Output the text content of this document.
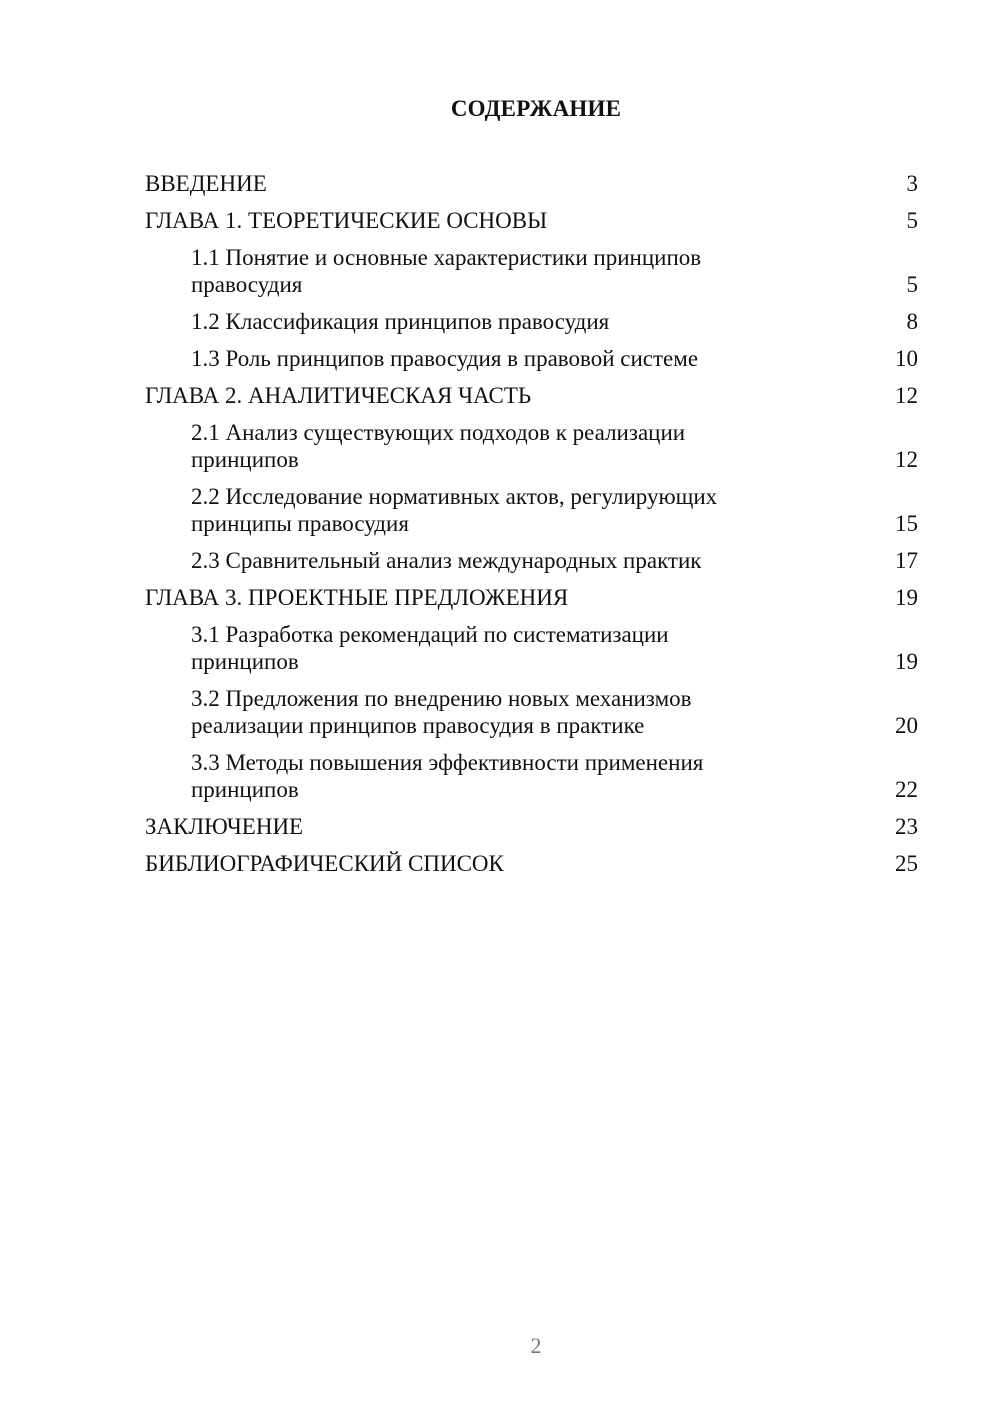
СОДЕРЖАНИЕ
ВВЕДЕНИЕ	3
ГЛАВА 1. ТЕОРЕТИЧЕСКИЕ ОСНОВЫ	5
1.1 Понятие и основные характеристики принципов правосудия	5
1.2 Классификация принципов правосудия	8
1.3 Роль принципов правосудия в правовой системе	10
ГЛАВА 2. АНАЛИТИЧЕСКАЯ ЧАСТЬ	12
2.1 Анализ существующих подходов к реализации принципов	12
2.2 Исследование нормативных актов, регулирующих принципы правосудия	15
2.3 Сравнительный анализ международных практик	17
ГЛАВА 3. ПРОЕКТНЫЕ ПРЕДЛОЖЕНИЯ	19
3.1 Разработка рекомендаций по систематизации принципов	19
3.2 Предложения по внедрению новых механизмов реализации принципов правосудия в практике	20
3.3 Методы повышения эффективности применения принципов	22
ЗАКЛЮЧЕНИЕ	23
БИБЛИОГРАФИЧЕСКИЙ СПИСОК	25
2
